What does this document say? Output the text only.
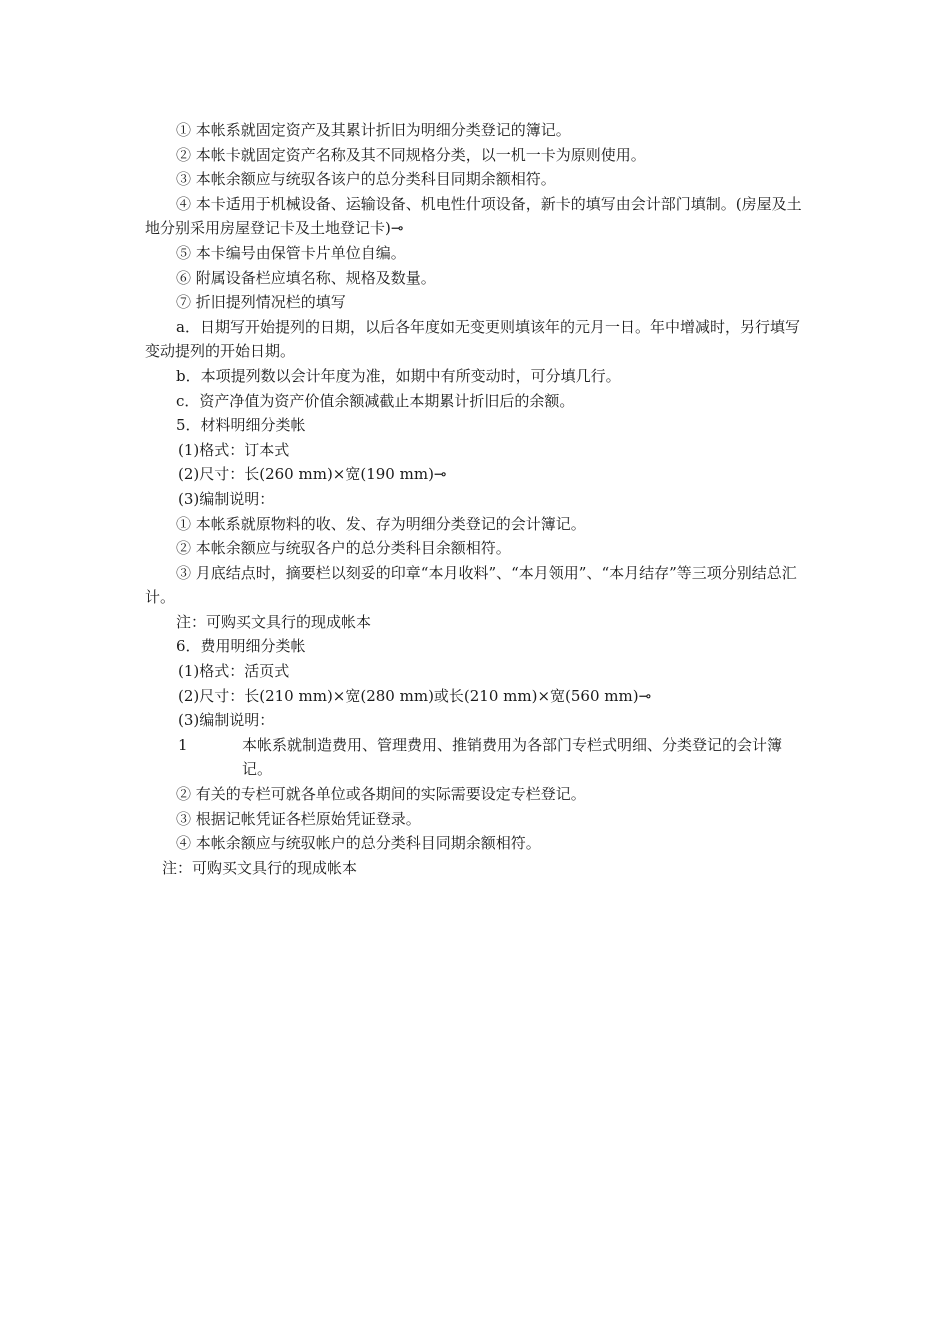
① 本帐系就固定资产及其累计折旧为明细分类登记的簿记。

② 本帐卡就固定资产名称及其不同规格分类，以一机一卡为原则使用。

③ 本帐余额应与统驭各该户的总分类科目同期余额相符。

④ 本卡适用于机械设备、运输设备、机电性什项设备，新卡的填写由会计部门填制。(房屋及土地分别采用房屋登记卡及土地登记卡)⊸

⑤ 本卡编号由保管卡片单位自编。

⑥ 附属设备栏应填名称、规格及数量。

⑦ 折旧提列情况栏的填写

a．日期写开始提列的日期，以后各年度如无变更则填该年的元月一日。年中增减时，另行填写变动提列的开始日期。

b．本项提列数以会计年度为准，如期中有所变动时，可分填几行。

c．资产净值为资产价值余额减截止本期累计折旧后的余额。

5．材料明细分类帐

(1)格式：订本式

(2)尺寸：长(260 mm)×宽(190 mm)⊸

(3)编制说明：

① 本帐系就原物料的收、发、存为明细分类登记的会计簿记。

② 本帐余额应与统驭各户的总分类科目余额相符。

③ 月底结点时，摘要栏以刻妥的印章“本月收料”、“本月领用”、“本月结存”等三项分别结总汇计。

注：可购买文具行的现成帐本

6．费用明细分类帐

(1)格式：活页式

(2)尺寸：长(210 mm)×宽(280 mm)或长(210 mm)×宽(560 mm)⊸

(3)编制说明：

1	本帐系就制造费用、管理费用、推销费用为各部门专栏式明细、分类登记的会计簿记。

② 有关的专栏可就各单位或各期间的实际需要设定专栏登记。

③ 根据记帐凭证各栏原始凭证登录。

④ 本帐余额应与统驭帐户的总分类科目同期余额相符。

注：可购买文具行的现成帐本
